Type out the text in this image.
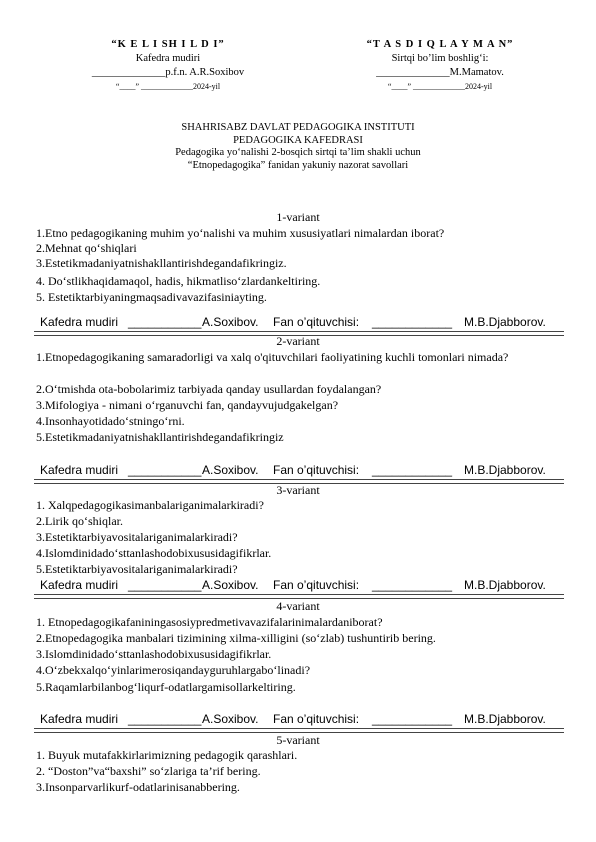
“K E L I SH I L D I”
Kafedra mudiri
______________p.f.n. A.R.Soxibov
“____” _____________2024-yil
“T A S D I Q L A Y M A N”
Sirtqi bo’lim boshlig‘i:
______________M.Mamatov.
“____” _____________2024-yil
SHAHRISABZ DAVLAT PEDAGOGIKA INSTITUTI
PEDAGOGIKA KAFEDRASI
Pedagogika yo‘nalishi 2-bosqich sirtqi ta’lim shakli uchun
“Etnopedagogika” fanidan yakuniy nazorat savollari
1-variant
1.Etno pedagogikaning muhim yo‘nalishi va muhim xususiyatlari nimalardan iborat?
2.Mehnat qo‘shiqlari
3.Estetikmadaniyatnishakllantirishdegandafikringiz.
4. Do‘stlikhaqidamaqol, hadis, hikmatliso‘zlardankeltiring.
5. Estetiktarbiyaningmaqsadivavazifasiniayting.
Kafedra mudiri ___________ A.Soxibov. Fan o’qituvchisi: ____________ M.B.Djabborov.
2-variant
1.Etnopedagogikaning samaradorligi va xalq o'qituvchilari faoliyatining kuchli tomonlari nimada?
2.O‘tmishda ota-bobolarimiz tarbiyada qanday usullardan foydalangan?
3.Mifologiya - nimani o‘rganuvchi fan, qandayvujudgakelgan?
4.Insonhayotidado‘stningo‘rni.
5.Estetikmadaniyatnishakllantirishdegandafikringiz
Kafedra mudiri ___________ A.Soxibov. Fan o’qituvchisi: ____________ M.B.Djabborov.
3-variant
1. Xalqpedagogikasimanbalariganimalarkiradi?
2.Lirik qo‘shiqlar.
3.Estetiktarbiyavositalariganimalarkiradi?
4.Islomdinidado‘sttanlashodobixususidagifikrlar.
5.Estetiktarbiyavositalariganimalarkiradi?
Kafedra mudiri ___________ A.Soxibov. Fan o’qituvchisi: ____________ M.B.Djabborov.
4-variant
1. Etnopedagogikafaniningasosiypredmetivavazifalarinimalardaniborat?
2.Etnopedagogika manbalari tizimining xilma-xilligini (so‘zlab) tushuntirib bering.
3.Islomdinidado‘sttanlashodobixususidagifikrlar.
4.O‘zbekxalqo‘yinlarimerosiqandayguruhlargabo‘linadi?
5.Raqamlarbilanbog‘liqurf-odatlargamisollarkeltiring.
Kafedra mudiri ___________ A.Soxibov. Fan o’qituvchisi: ____________ M.B.Djabborov.
5-variant
1. Buyuk mutafakkirlarimizning pedagogik qarashlari.
2. “Doston”va“baxshi” so‘zlariga ta’rif bering.
3.Insonparvarlikurf-odatlarinisanabbering.
